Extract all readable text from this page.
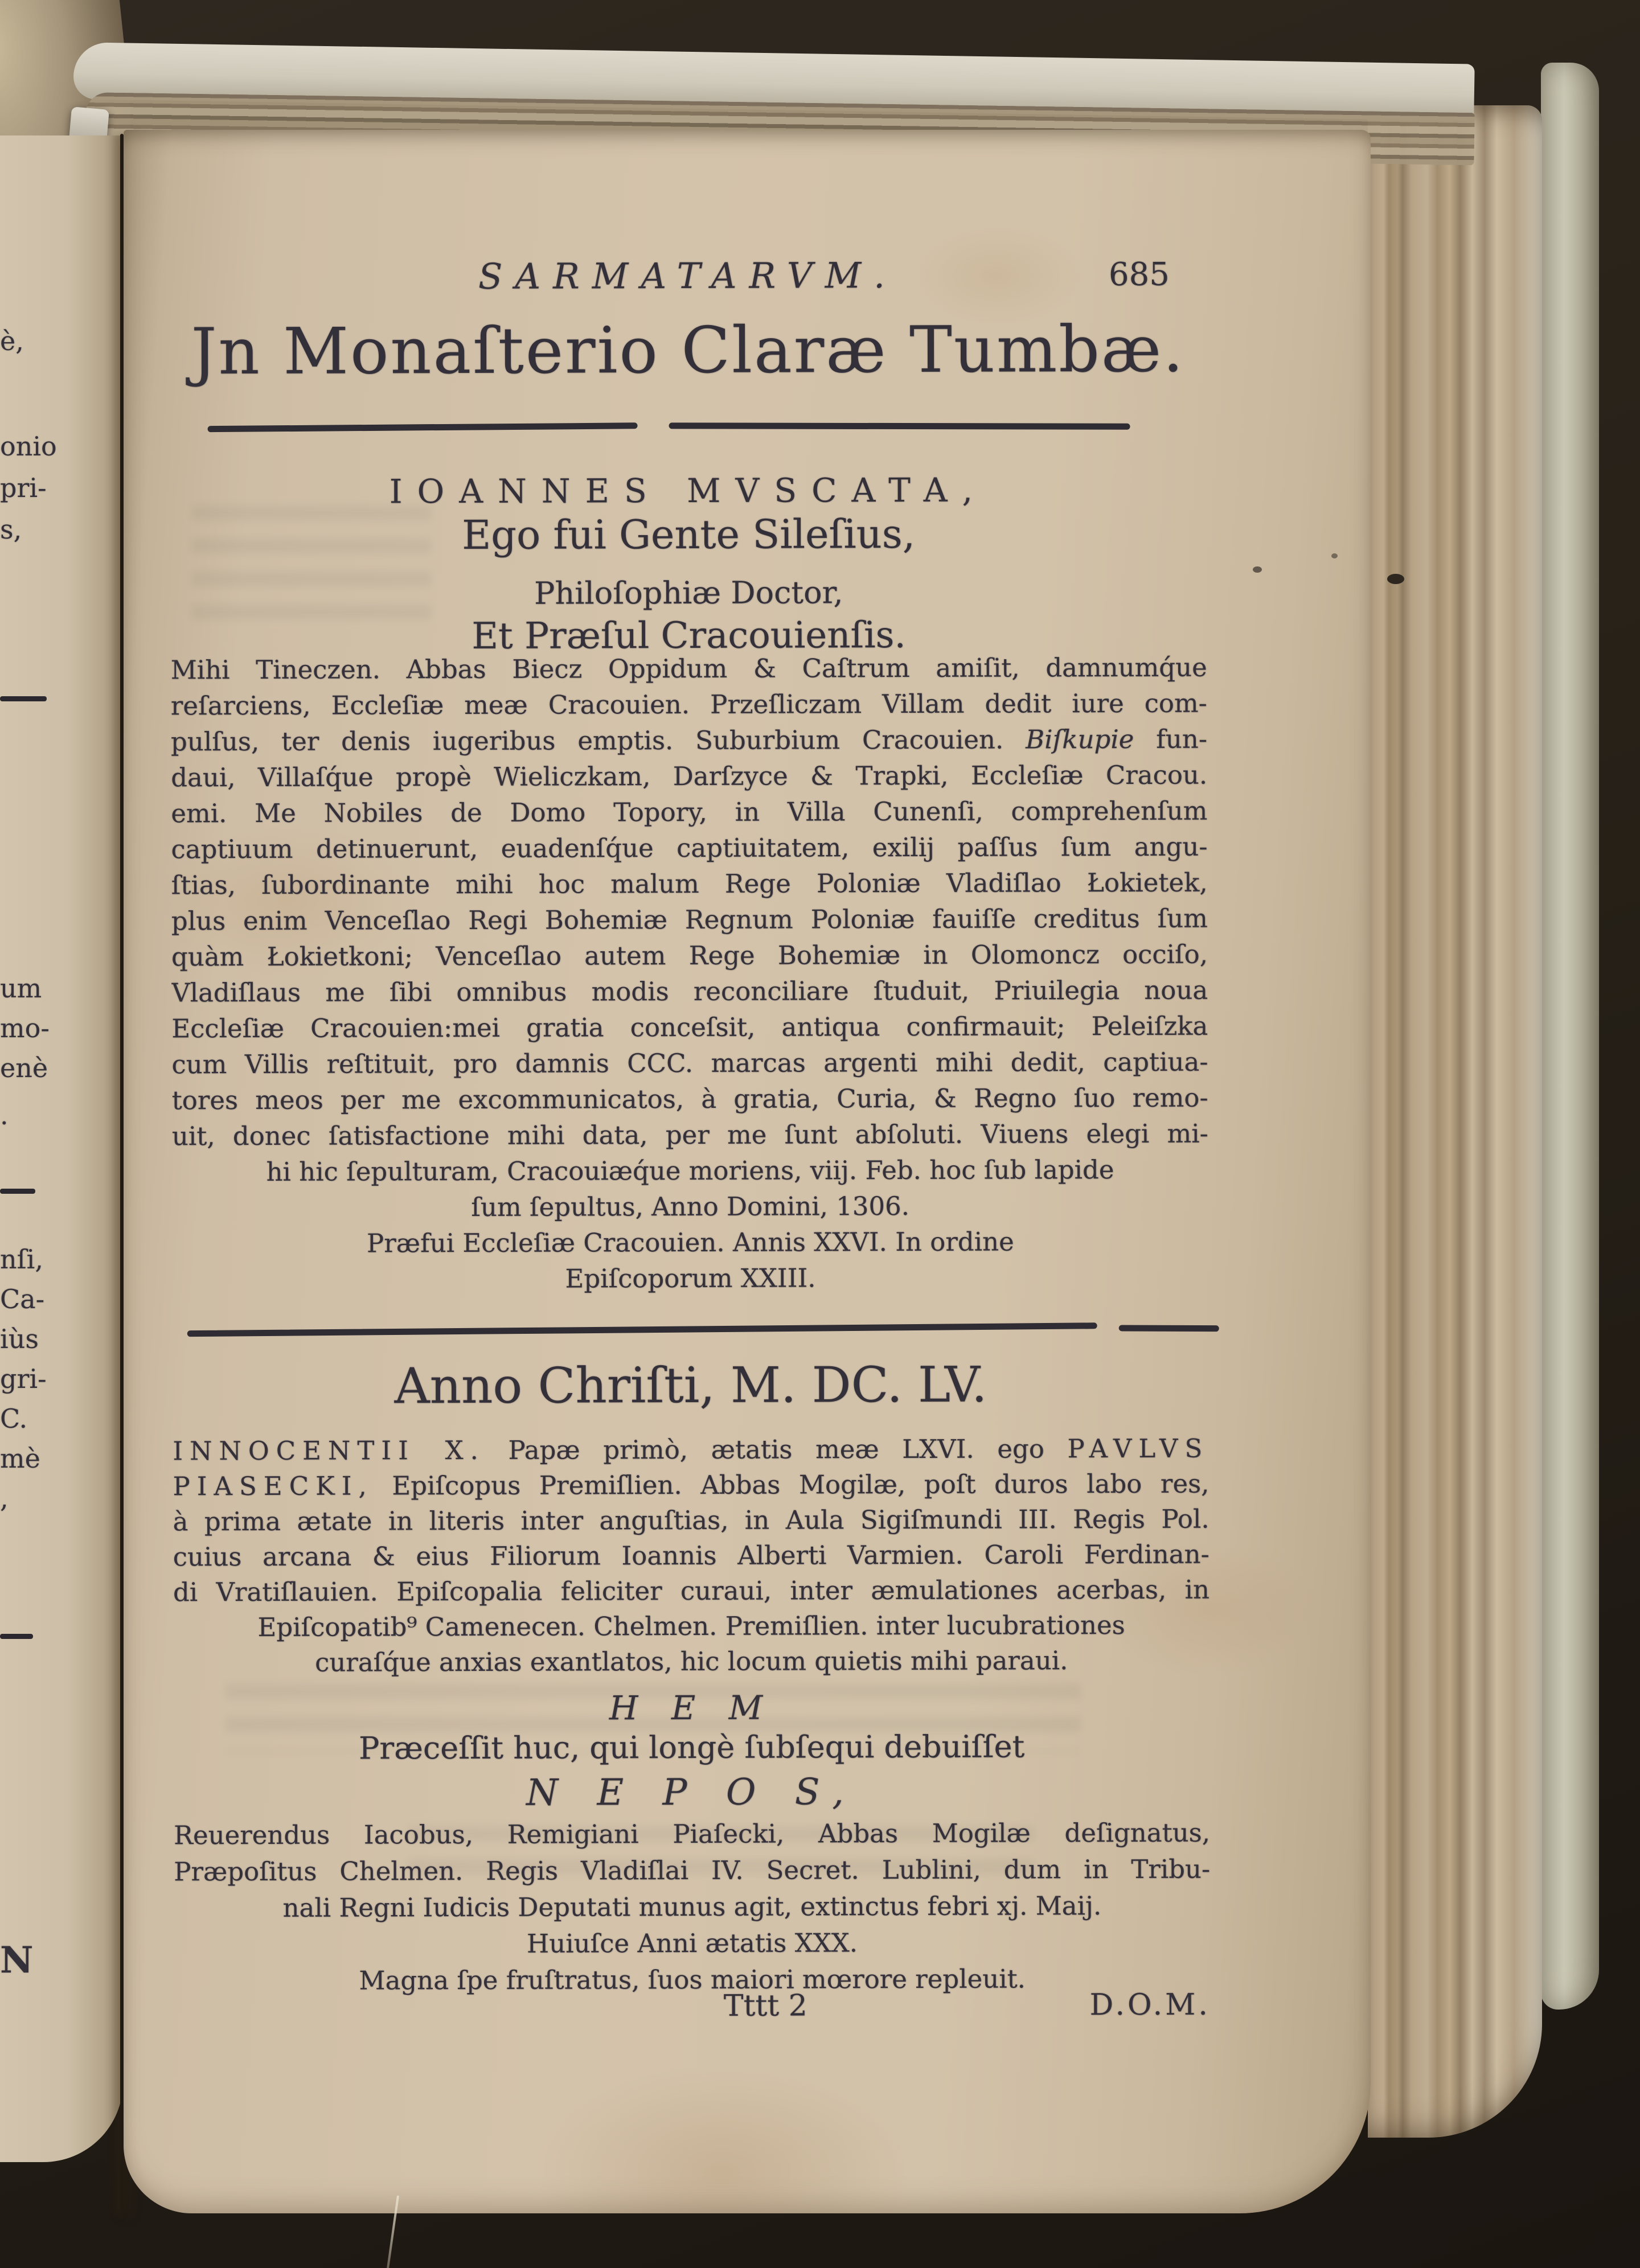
è,
onio
pri-
s,
um
mo-
enè
.
nſi,
Ca-
iùs
gri-
C.
mè
,
N
SARMATARVM.	685
Jn Monaſterio Claræ Tumbæ.
IOANNES MVSCATA,
Ego fui Gente Sileſius,
Philoſophiæ Doctor,
Et Præſul Cracouienſis.
Mihi Tineczen. Abbas Biecz Oppidum & Caſtrum amiſit, damnumq́ue
reſarciens, Eccleſiæ meæ Cracouien. Przeſliczam Villam dedit iure com-
pulſus, ter denis iugeribus emptis. Suburbium Cracouien. Biſkupie fun-
daui, Villaſq́ue propè Wieliczkam, Darſzyce & Trapki, Eccleſiæ Cracou.
emi. Me Nobiles de Domo Topory, in Villa Cunenſi, comprehenſum
captiuum detinuerunt, euadenſq́ue captiuitatem, exilij paſſus ſum angu-
ſtias, ſubordinante mihi hoc malum Rege Poloniæ Vladiſlao Łokietek,
plus enim Venceſlao Regi Bohemiæ Regnum Poloniæ fauiſſe creditus ſum
quàm Łokietkoni; Venceſlao autem Rege Bohemiæ in Olomoncz occiſo,
Vladiſlaus me ſibi omnibus modis reconciliare ſtuduit, Priuilegia noua
Eccleſiæ Cracouien:mei gratia conceſsit, antiqua confirmauit; Peleiſzka
cum Villis reſtituit, pro damnis CCC. marcas argenti mihi dedit, captiua-
tores meos per me excommunicatos, à gratia, Curia, & Regno ſuo remo-
uit, donec ſatisfactione mihi data, per me ſunt abſoluti. Viuens elegi mi-
hi hic ſepulturam, Cracouiæq́ue moriens, viij. Feb. hoc ſub lapide
ſum ſepultus, Anno Domini, 1306.
Præfui Eccleſiæ Cracouien. Annis XXVI. In ordine
Epiſcoporum XXIII.
Anno Chriſti, M. DC. LV.
INNOCENTII X. Papæ primò, ætatis meæ LXVI. ego PAVLVS
PIASECKI, Epiſcopus Premiſlien. Abbas Mogilæ, poſt duros labo res,
à prima ætate in literis inter anguſtias, in Aula Sigiſmundi III. Regis Pol.
cuius arcana & eius Filiorum Ioannis Alberti Varmien. Caroli Ferdinan-
di Vratiſlauien. Epiſcopalia feliciter curaui, inter æmulationes acerbas, in
Epiſcopatib⁹ Camenecen. Chelmen. Premiſlien. inter lucubrationes
curaſq́ue anxias exantlatos, hic locum quietis mihi paraui.
H E M
Præceſſit huc, qui longè ſubſequi debuiſſet
N E P O S,
Reuerendus Iacobus, Remigiani Piaſecki, Abbas Mogilæ deſignatus,
Præpoſitus Chelmen. Regis Vladiſlai IV. Secret. Lublini, dum in Tribu-
nali Regni Iudicis Deputati munus agit, extinctus febri xj. Maij.
Huiuſce Anni ætatis XXX.
Magna ſpe fruſtratus, ſuos maiori mœrore repleuit.
Tttt 2	D.O.M.
